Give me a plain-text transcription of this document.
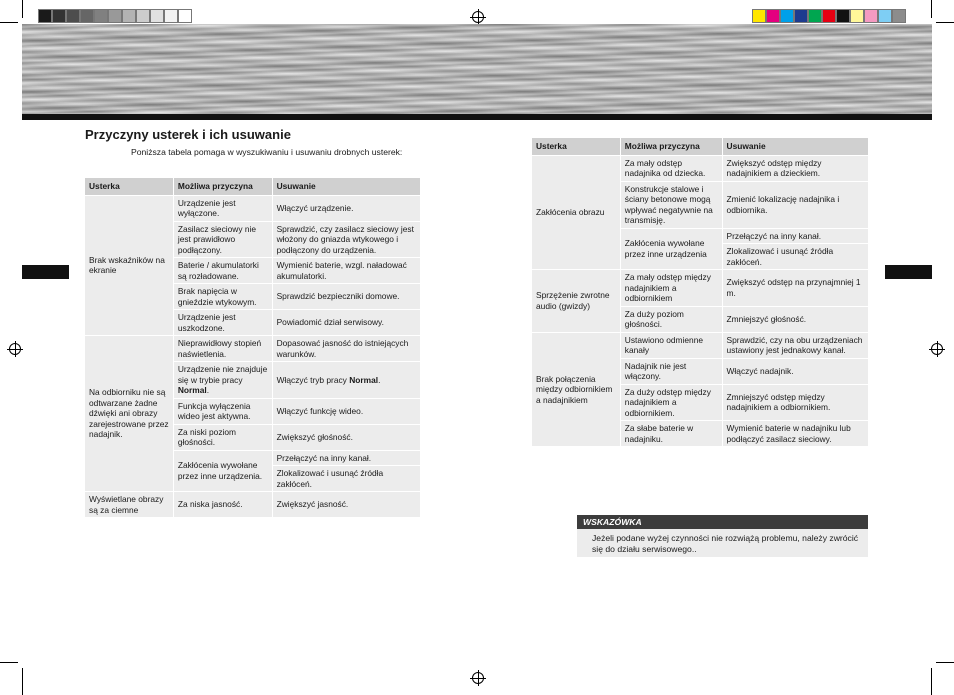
Przyczyny usterek i ich usuwanie
Poniższa tabela pomaga w wyszukiwaniu i usuwaniu drobnych usterek:
Usterka	Możliwa przyczyna	Usuwanie
Brak wskaźników na ekranie	Urządzenie jest wyłączone.	Włączyć urządzenie.
	Zasilacz sieciowy nie jest prawidłowo podłączony.	Sprawdzić, czy zasilacz sieciowy jest włożony do gniazda wtykowego i podłączony do urządzenia.
	Baterie / akumulatorki są rozładowane.	Wymienić baterie, wzgl. naładować akumulatorki.
	Brak napięcia w gnieździe wtykowym.	Sprawdzić bezpieczniki domowe.
	Urządzenie jest uszkodzone.	Powiadomić dział serwisowy.
Na odbiorniku nie są odtwarzane żadne dźwięki ani obrazy zarejestrowane przez nadajnik.	Nieprawidłowy stopień naświetlenia.	Dopasować jasność do istniejących warunków.
	Urządzenie nie znajduje się w trybie pracy Normal.	Włączyć tryb pracy Normal.
	Funkcja wyłączenia wideo jest aktywna.	Włączyć funkcję wideo.
	Za niski poziom głośności.	Zwiększyć głośność.
	Zakłócenia wywołane przez inne urządzenia.	Przełączyć na inny kanał.
		Zlokalizować i usunąć źródła zakłóceń.
Wyświetlane obrazy są za ciemne	Za niska jasność.	Zwiększyć jasność.
Usterka	Możliwa przyczyna	Usuwanie
Zakłócenia obrazu	Za mały odstęp nadajnika od dziecka.	Zwiększyć odstęp między nadajnikiem a dzieckiem.
	Konstrukcje stalowe i ściany betonowe mogą wpływać negatywnie na transmisję.	Zmienić lokalizację nadajnika i odbiornika.
	Zakłócenia wywołane przez inne urządzenia	Przełączyć na inny kanał.
		Zlokalizować i usunąć źródła zakłóceń.
Sprzężenie zwrotne audio (gwizdy)	Za mały odstęp między nadajnikiem a odbiornikiem	Zwiększyć odstęp na przynajmniej 1 m.
	Za duży poziom głośności.	Zmniejszyć głośność.
Brak połączenia między odbiornikiem a nadajnikiem	Ustawiono odmienne kanały	Sprawdzić, czy na obu urządzeniach ustawiony jest jednakowy kanał.
	Nadajnik nie jest włączony.	Włączyć nadajnik.
	Za duży odstęp między nadajnikiem a odbiornikiem.	Zmniejszyć odstęp między nadajnikiem a odbiornikiem.
	Za słabe baterie w nadajniku.	Wymienić baterie w nadajniku lub podłączyć zasilacz sieciowy.
WSKAZÓWKA
Jeżeli podane wyżej czynności nie rozwiążą problemu, należy zwrócić się do działu serwisowego..
